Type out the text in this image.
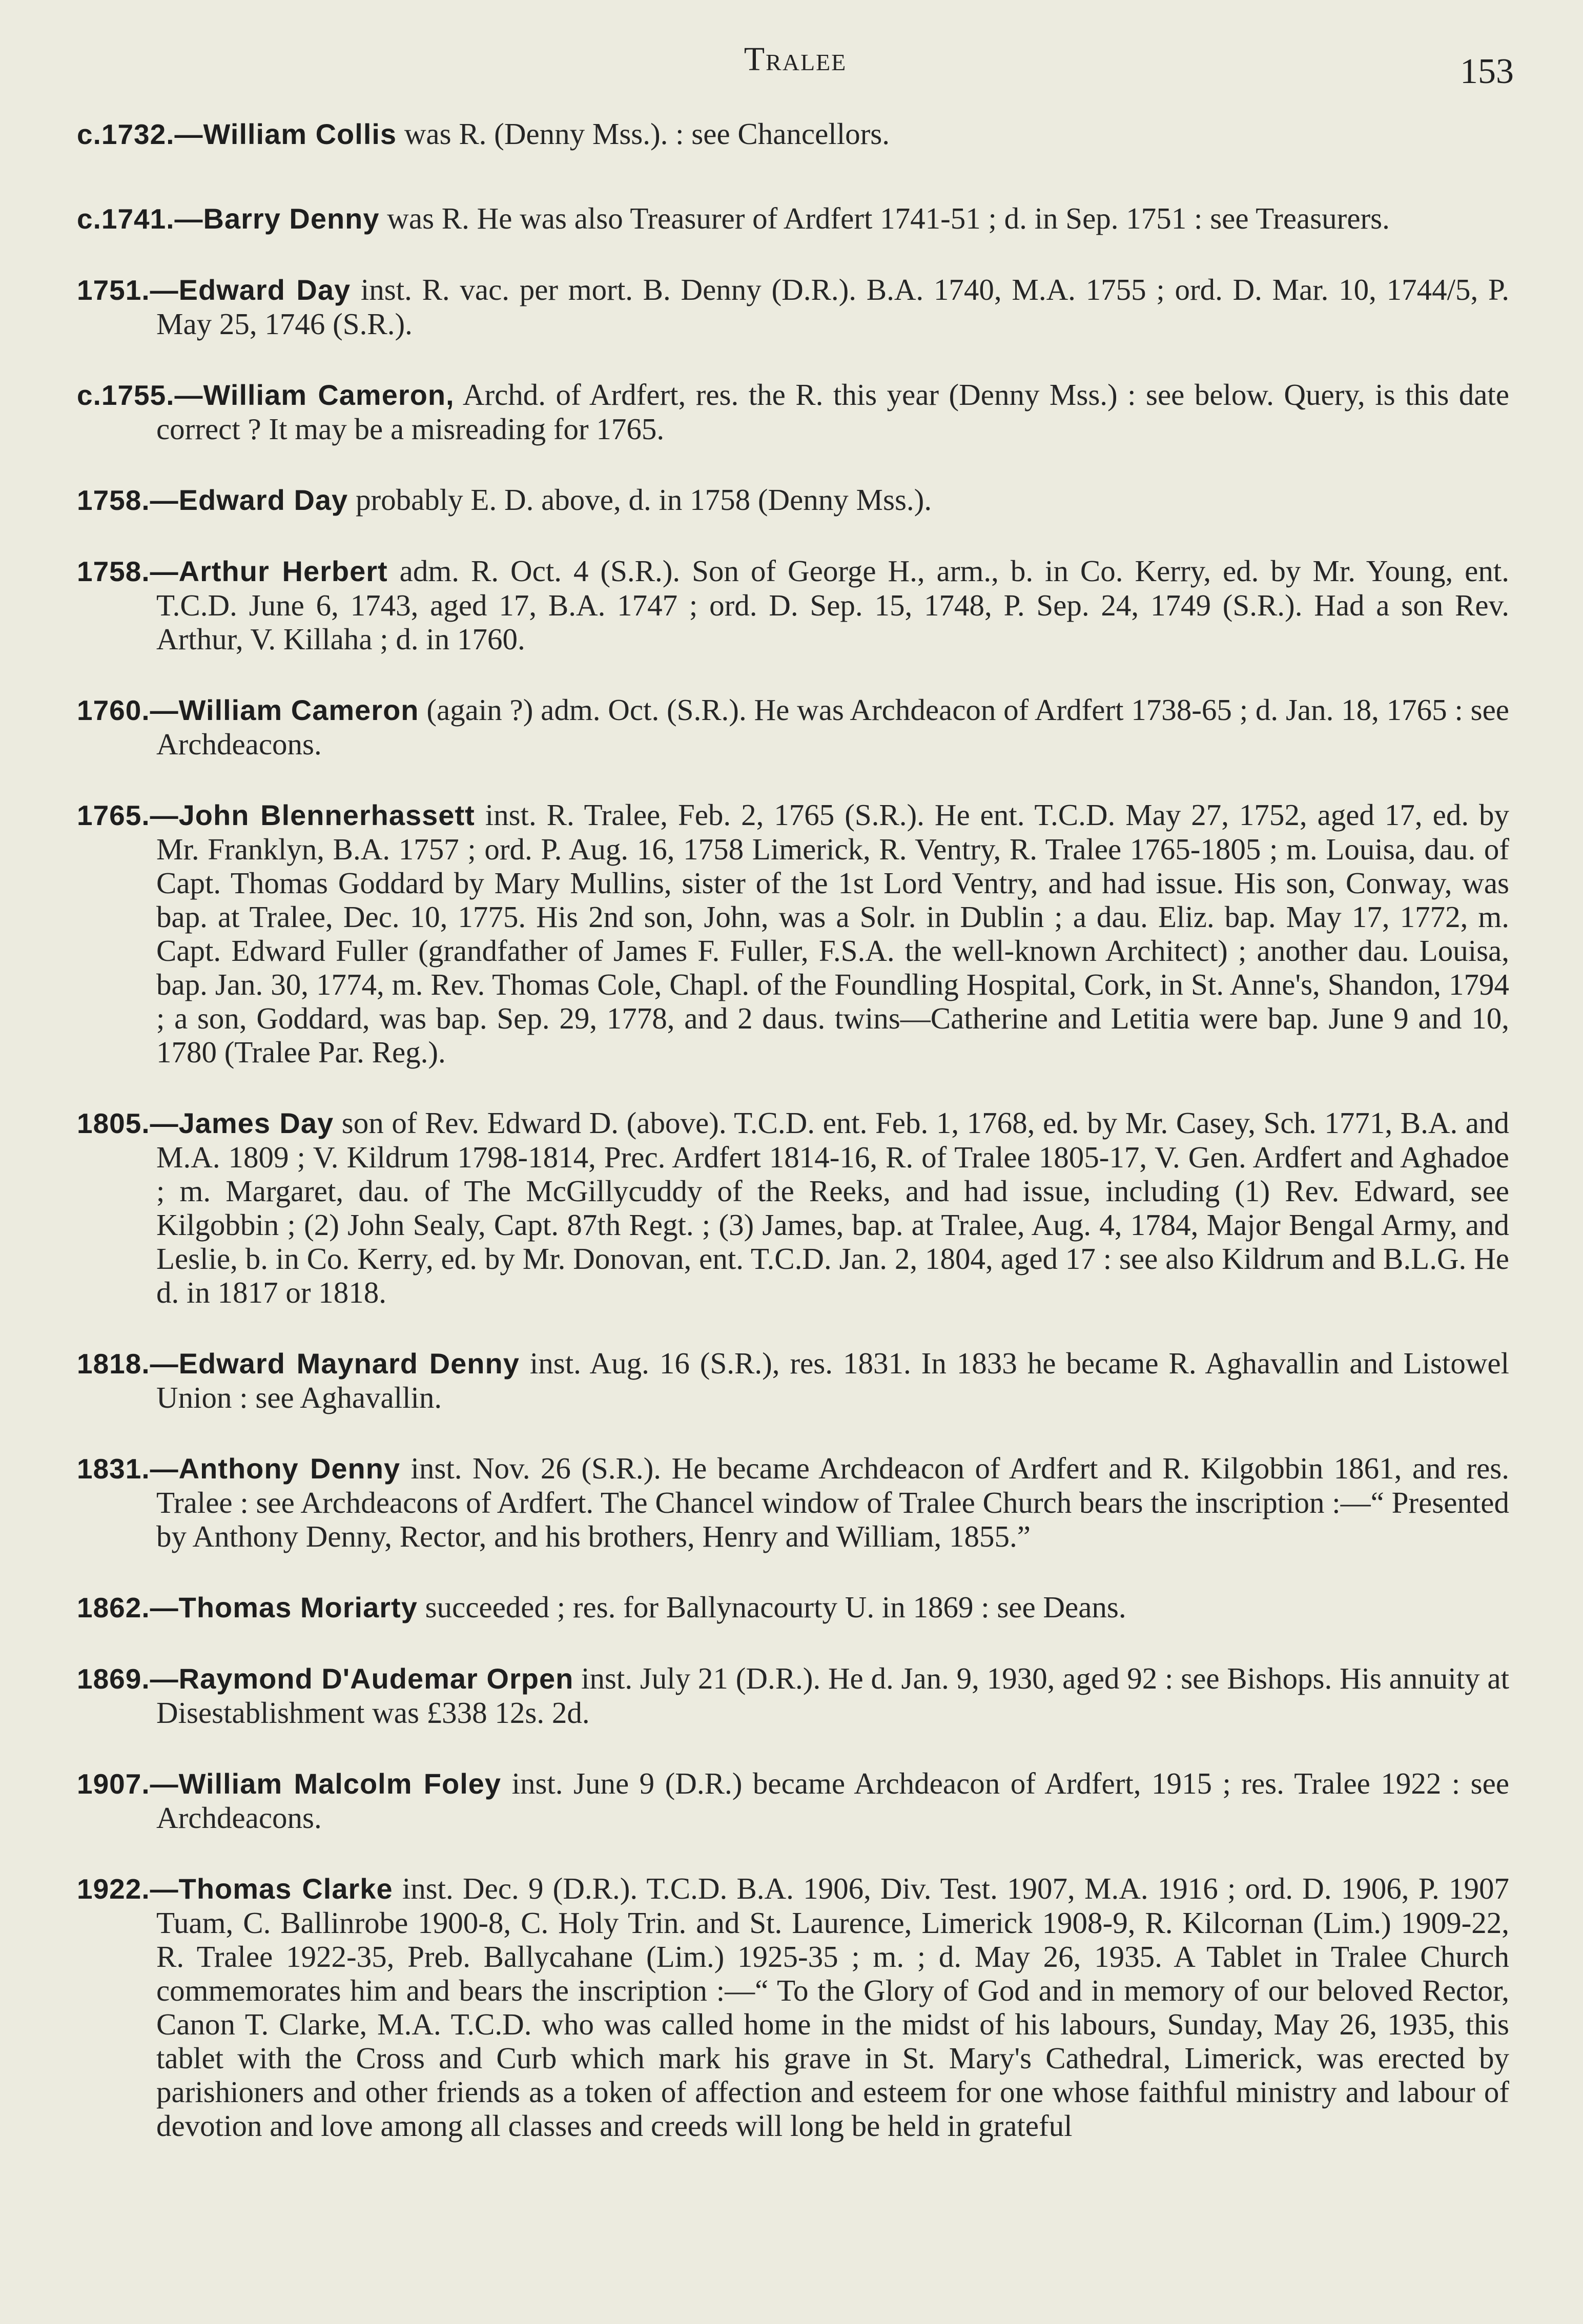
Tralee	153

c.1732.—William Collis was R. (Denny Mss.). : see Chancellors.

c.1741.—Barry Denny was R. He was also Treasurer of Ardfert 1741-51 ; d. in Sep. 1751 : see Treasurers.

1751.—Edward Day inst. R. vac. per mort. B. Denny (D.R.). B.A. 1740, M.A. 1755 ; ord. D. Mar. 10, 1744/5, P. May 25, 1746 (S.R.).

c.1755.—William Cameron, Archd. of Ardfert, res. the R. this year (Denny Mss.) : see below. Query, is this date correct ? It may be a misreading for 1765.

1758.—Edward Day probably E. D. above, d. in 1758 (Denny Mss.).

1758.—Arthur Herbert adm. R. Oct. 4 (S.R.). Son of George H., arm., b. in Co. Kerry, ed. by Mr. Young, ent. T.C.D. June 6, 1743, aged 17, B.A. 1747 ; ord. D. Sep. 15, 1748, P. Sep. 24, 1749 (S.R.). Had a son Rev. Arthur, V. Killaha ; d. in 1760.

1760.—William Cameron (again ?) adm. Oct. (S.R.). He was Archdeacon of Ardfert 1738-65 ; d. Jan. 18, 1765 : see Archdeacons.

1765.—John Blennerhassett inst. R. Tralee, Feb. 2, 1765 (S.R.). He ent. T.C.D. May 27, 1752, aged 17, ed. by Mr. Franklyn, B.A. 1757 ; ord. P. Aug. 16, 1758 Limerick, R. Ventry, R. Tralee 1765-1805 ; m. Louisa, dau. of Capt. Thomas Goddard by Mary Mullins, sister of the 1st Lord Ventry, and had issue. His son, Conway, was bap. at Tralee, Dec. 10, 1775. His 2nd son, John, was a Solr. in Dublin ; a dau. Eliz. bap. May 17, 1772, m. Capt. Edward Fuller (grandfather of James F. Fuller, F.S.A. the well-known Architect) ; another dau. Louisa, bap. Jan. 30, 1774, m. Rev. Thomas Cole, Chapl. of the Foundling Hospital, Cork, in St. Anne's, Shandon, 1794 ; a son, Goddard, was bap. Sep. 29, 1778, and 2 daus. twins—Catherine and Letitia were bap. June 9 and 10, 1780 (Tralee Par. Reg.).

1805.—James Day son of Rev. Edward D. (above). T.C.D. ent. Feb. 1, 1768, ed. by Mr. Casey, Sch. 1771, B.A. and M.A. 1809 ; V. Kildrum 1798-1814, Prec. Ardfert 1814-16, R. of Tralee 1805-17, V. Gen. Ardfert and Aghadoe ; m. Margaret, dau. of The McGillycuddy of the Reeks, and had issue, including (1) Rev. Edward, see Kilgobbin ; (2) John Sealy, Capt. 87th Regt. ; (3) James, bap. at Tralee, Aug. 4, 1784, Major Bengal Army, and Leslie, b. in Co. Kerry, ed. by Mr. Donovan, ent. T.C.D. Jan. 2, 1804, aged 17 : see also Kildrum and B.L.G. He d. in 1817 or 1818.

1818.—Edward Maynard Denny inst. Aug. 16 (S.R.), res. 1831. In 1833 he became R. Aghavallin and Listowel Union : see Aghavallin.

1831.—Anthony Denny inst. Nov. 26 (S.R.). He became Archdeacon of Ardfert and R. Kilgobbin 1861, and res. Tralee : see Archdeacons of Ardfert. The Chancel window of Tralee Church bears the inscription :—“ Presented by Anthony Denny, Rector, and his brothers, Henry and William, 1855.”

1862.—Thomas Moriarty succeeded ; res. for Ballynacourty U. in 1869 : see Deans.

1869.—Raymond D'Audemar Orpen inst. July 21 (D.R.). He d. Jan. 9, 1930, aged 92 : see Bishops. His annuity at Disestablishment was £338 12s. 2d.

1907.—William Malcolm Foley inst. June 9 (D.R.) became Archdeacon of Ardfert, 1915 ; res. Tralee 1922 : see Archdeacons.

1922.—Thomas Clarke inst. Dec. 9 (D.R.). T.C.D. B.A. 1906, Div. Test. 1907, M.A. 1916 ; ord. D. 1906, P. 1907 Tuam, C. Ballinrobe 1900-8, C. Holy Trin. and St. Laurence, Limerick 1908-9, R. Kilcornan (Lim.) 1909-22, R. Tralee 1922-35, Preb. Ballycahane (Lim.) 1925-35 ; m. ; d. May 26, 1935. A Tablet in Tralee Church commemorates him and bears the inscription :—“ To the Glory of God and in memory of our beloved Rector, Canon T. Clarke, M.A. T.C.D. who was called home in the midst of his labours, Sunday, May 26, 1935, this tablet with the Cross and Curb which mark his grave in St. Mary's Cathedral, Limerick, was erected by parishioners and other friends as a token of affection and esteem for one whose faithful ministry and labour of devotion and love among all classes and creeds will long be held in grateful
